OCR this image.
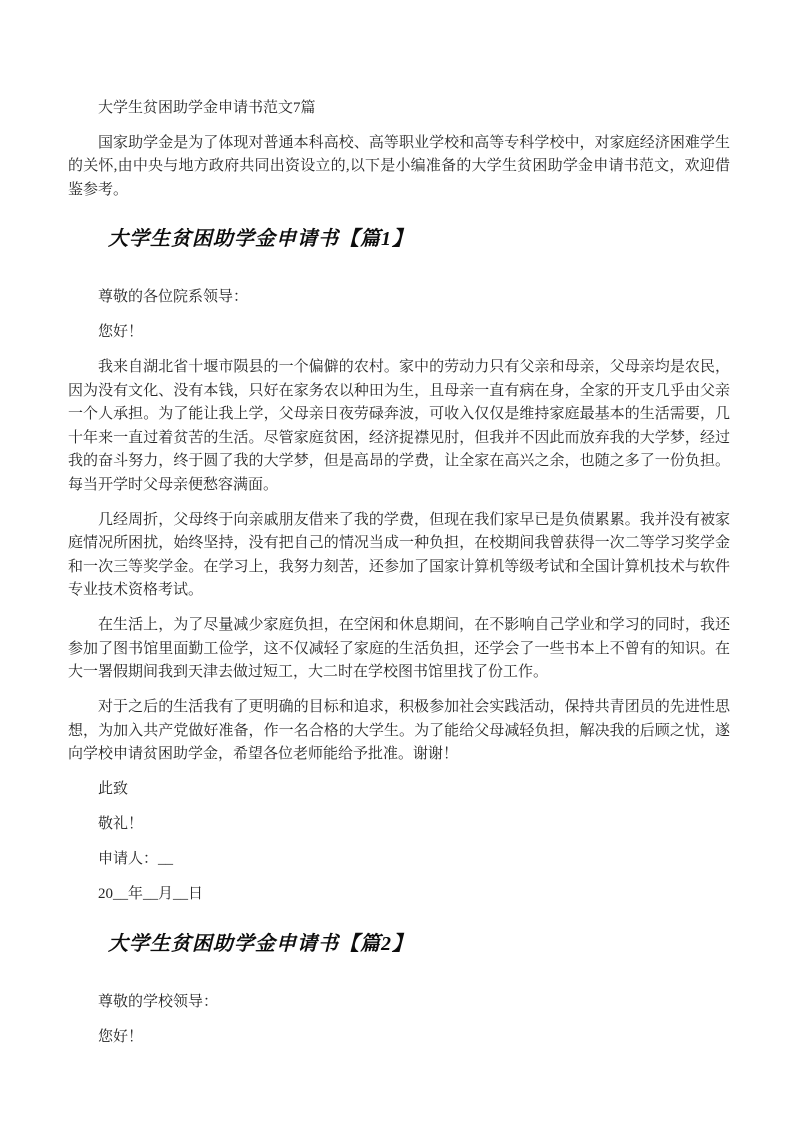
大学生贫困助学金申请书范文7篇

国家助学金是为了体现对普通本科高校、高等职业学校和高等专科学校中，对家庭经济困难学生的关怀,由中央与地方政府共同出资设立的,以下是小编准备的大学生贫困助学金申请书范文，欢迎借鉴参考。

大学生贫困助学金申请书【篇1】

尊敬的各位院系领导：

您好！

我来自湖北省十堰市陨县的一个偏僻的农村。家中的劳动力只有父亲和母亲，父母亲均是农民，因为没有文化、没有本钱，只好在家务农以种田为生，且母亲一直有病在身，全家的开支几乎由父亲一个人承担。为了能让我上学，父母亲日夜劳碌奔波，可收入仅仅是维持家庭最基本的生活需要，几十年来一直过着贫苦的生活。尽管家庭贫困，经济捉襟见肘，但我并不因此而放弃我的大学梦，经过我的奋斗努力，终于圆了我的大学梦，但是高昂的学费，让全家在高兴之余，也随之多了一份负担。每当开学时父母亲便愁容满面。

几经周折，父母终于向亲戚朋友借来了我的学费，但现在我们家早已是负债累累。我并没有被家庭情况所困扰，始终坚持，没有把自己的情况当成一种负担，在校期间我曾获得一次二等学习奖学金和一次三等奖学金。在学习上，我努力刻苦，还参加了国家计算机等级考试和全国计算机技术与软件专业技术资格考试。

在生活上，为了尽量减少家庭负担，在空闲和休息期间，在不影响自己学业和学习的同时，我还参加了图书馆里面勤工俭学，这不仅减轻了家庭的生活负担，还学会了一些书本上不曾有的知识。在大一署假期间我到天津去做过短工，大二时在学校图书馆里找了份工作。

对于之后的生活我有了更明确的目标和追求，积极参加社会实践活动，保持共青团员的先进性思想，为加入共产党做好准备，作一名合格的大学生。为了能给父母减轻负担，解决我的后顾之忧，遂向学校申请贫困助学金，希望各位老师能给予批准。谢谢！

此致

敬礼！

申请人：__

20__年__月__日

大学生贫困助学金申请书【篇2】

尊敬的学校领导：

您好！
